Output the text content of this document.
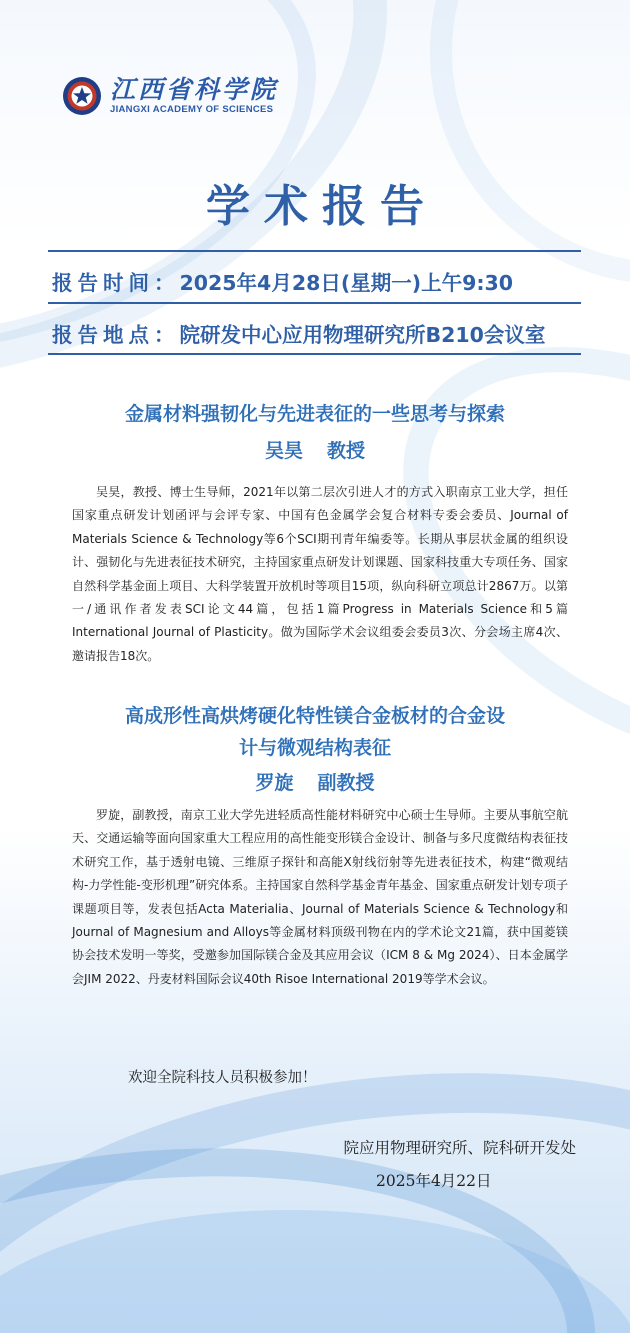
江西省科学院
JIANGXI ACADEMY OF SCIENCES
学术报告
报告时间：2025年4月28日(星期一)上午9:30
报告地点：院研发中心应用物理研究所B210会议室
金属材料强韧化与先进表征的一些思考与探索
吴昊 教授
吴昊，教授、博士生导师，2021年以第二层次引进人才的方式入职南京工业大学，担任国家重点研发计划函评与会评专家、中国有色金属学会复合材料专委会委员、Journal of Materials Science & Technology等6个SCI期刊青年编委等。长期从事层状金属的组织设计、强韧化与先进表征技术研究，主持国家重点研发计划课题、国家科技重大专项任务、国家自然科学基金面上项目、大科学装置开放机时等项目15项，纵向科研立项总计2867万。以第一/通讯作者发表SCI论文44篇，包括1篇Progress in Materials Science和5篇International Journal of Plasticity。做为国际学术会议组委会委员3次、分会场主席4次、邀请报告18次。
高成形性高烘烤硬化特性镁合金板材的合金设
计与微观结构表征
罗旋 副教授
罗旋，副教授，南京工业大学先进轻质高性能材料研究中心硕士生导师。主要从事航空航天、交通运输等面向国家重大工程应用的高性能变形镁合金设计、制备与多尺度微结构表征技术研究工作，基于透射电镜、三维原子探针和高能X射线衍射等先进表征技术，构建“微观结构-力学性能-变形机理”研究体系。主持国家自然科学基金青年基金、国家重点研发计划专项子课题项目等，发表包括Acta Materialia、Journal of Materials Science & Technology和Journal of Magnesium and Alloys等金属材料顶级刊物在内的学术论文21篇，获中国菱镁协会技术发明一等奖，受邀参加国际镁合金及其应用会议（ICM 8 & Mg 2024）、日本金属学会JIM 2022、丹麦材料国际会议40th Risoe International 2019等学术会议。
欢迎全院科技人员积极参加！
院应用物理研究所、院科研开发处
2025年4月22日
